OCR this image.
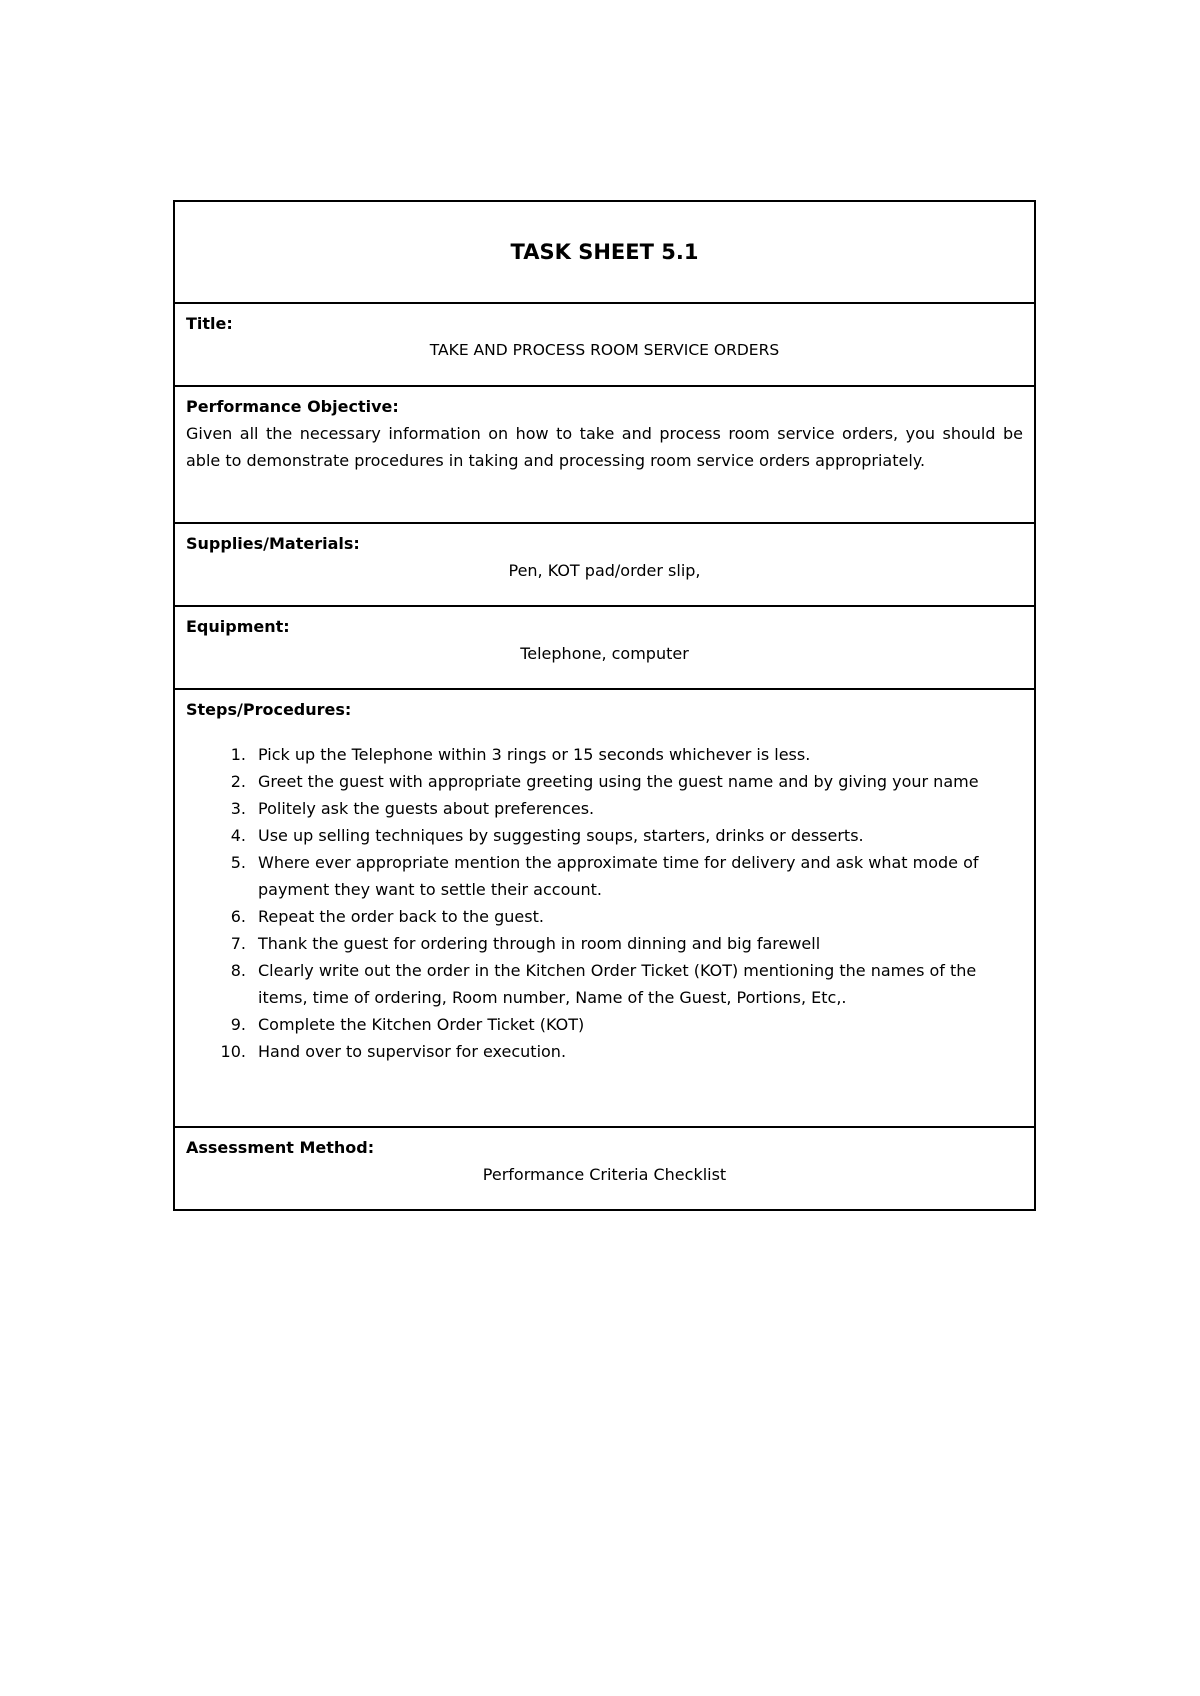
TASK SHEET 5.1
Title:
TAKE AND PROCESS ROOM SERVICE ORDERS
Performance Objective:

Given all the necessary information on how to take and process room service orders, you should be able to demonstrate procedures in taking and processing room service orders appropriately.

Supplies/Materials:
Pen, KOT pad/order slip,
Equipment:
Telephone, computer
Steps/Procedures:
1. Pick up the Telephone within 3 rings or 15 seconds whichever is less.
2. Greet the guest with appropriate greeting using the guest name and by giving your name
3. Politely ask the guests about preferences.
4. Use up selling techniques by suggesting soups, starters, drinks or desserts.
5. Where ever appropriate mention the approximate time for delivery and ask what mode of payment they want to settle their account.
6. Repeat the order back to the guest.
7. Thank the guest for ordering through in room dinning and big farewell
8. Clearly write out the order in the Kitchen Order Ticket (KOT) mentioning the names of the items, time of ordering, Room number, Name of the Guest, Portions, Etc,.
9. Complete the Kitchen Order Ticket (KOT)
10. Hand over to supervisor for execution.
Assessment Method:
Performance Criteria Checklist
